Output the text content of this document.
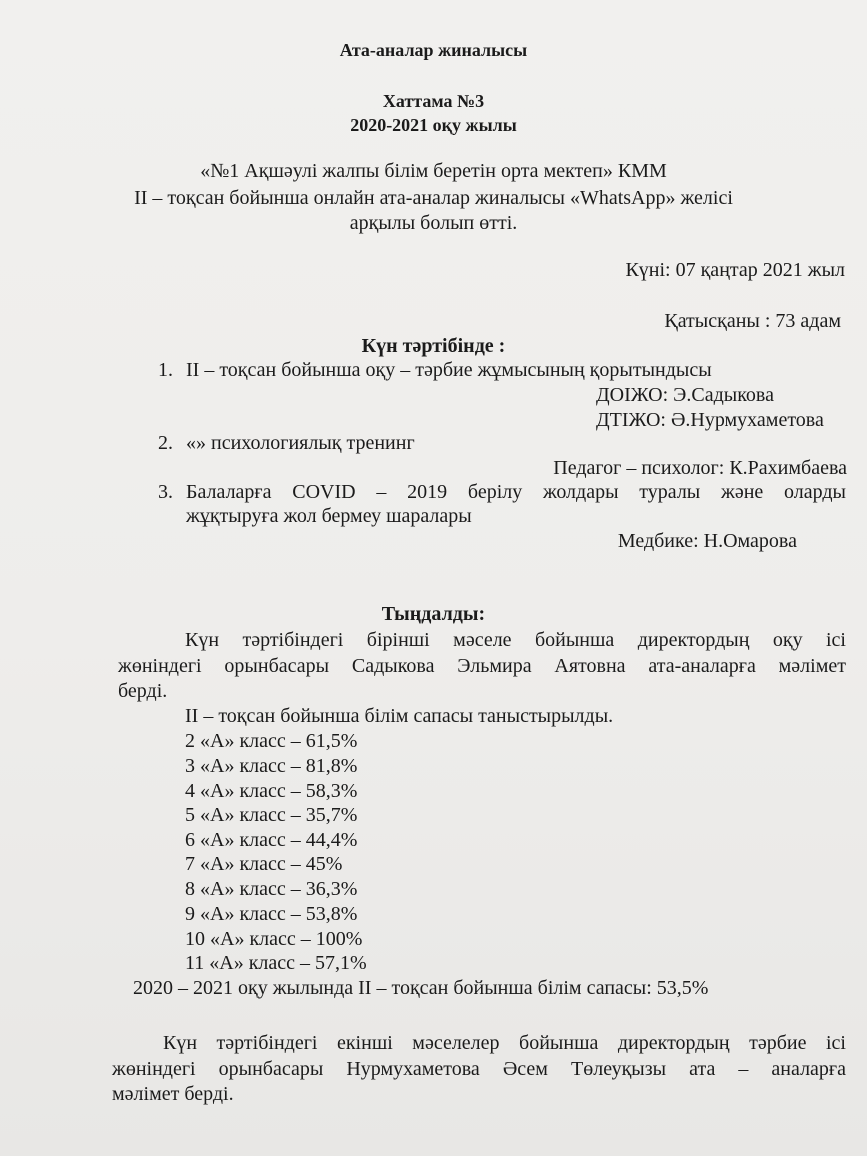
Ата-аналар жиналысы
Хаттама №3
2020-2021 оқу жылы
«№1 Ақшәулі жалпы білім беретін орта мектеп» КММ
II – тоқсан бойынша онлайн ата-аналар жиналысы «WhatsApp» желісі
арқылы болып өтті.
Күні: 07 қаңтар 2021 жыл
Қатысқаны : 73 адам
Күн тәртібінде :
1. II – тоқсан бойынша оқу – тәрбие жұмысының қорытындысы
ДОІЖО: Э.Садыкова
ДТІЖО: Ә.Нурмухаметова
2. «» психологиялық тренинг
Педагог – психолог: К.Рахимбаева
3. Балаларға COVID – 2019 берілу жолдары туралы және оларды
жұқтыруға жол бермеу шаралары
Медбике: Н.Омарова
Тыңдалды:
Күн тәртібіндегі бірінші мәселе бойынша директордың оқу ісі
жөніндегі орынбасары Садыкова Эльмира Аятовна ата-аналарға мәлімет
берді.
II – тоқсан бойынша білім сапасы таныстырылды.
2 «А» класс – 61,5%
3 «А» класс – 81,8%
4 «А» класс – 58,3%
5 «А» класс – 35,7%
6 «А» класс – 44,4%
7 «А» класс – 45%
8 «А» класс – 36,3%
9 «А» класс – 53,8%
10 «А» класс – 100%
11 «А» класс – 57,1%
2020 – 2021 оқу жылында II – тоқсан бойынша білім сапасы: 53,5%
Күн тәртібіндегі екінші мәселелер бойынша директордың тәрбие ісі
жөніндегі орынбасары Нурмухаметова Әсем Төлеуқызы ата – аналарға
мәлімет берді.
